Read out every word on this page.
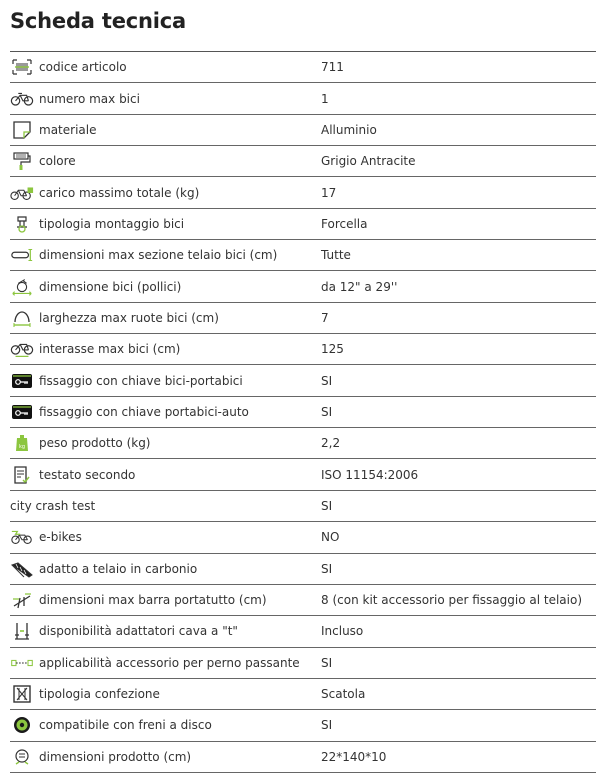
Scheda tecnica
codice articolo	711
numero max bici	1
materiale	Alluminio
colore	Grigio Antracite
carico massimo totale (kg)	17
tipologia montaggio bici	Forcella
dimensioni max sezione telaio bici (cm)	Tutte
dimensione bici (pollici)	da 12" a 29''
larghezza max ruote bici (cm)	7
interasse max bici (cm)	125
fissaggio con chiave bici-portabici	SI
fissaggio con chiave portabici-auto	SI
kg peso prodotto (kg)	2,2
testato secondo	ISO 11154:2006
city crash test	SI
e-bikes	NO
adatto a telaio in carbonio	SI
dimensioni max barra portatutto (cm)	8 (con kit accessorio per fissaggio al telaio)
disponibilità adattatori cava a "t"	Incluso
applicabilità accessorio per perno passante SI
tipologia confezione	Scatola
compatibile con freni a disco	SI
dimensioni prodotto (cm)	22*140*10
